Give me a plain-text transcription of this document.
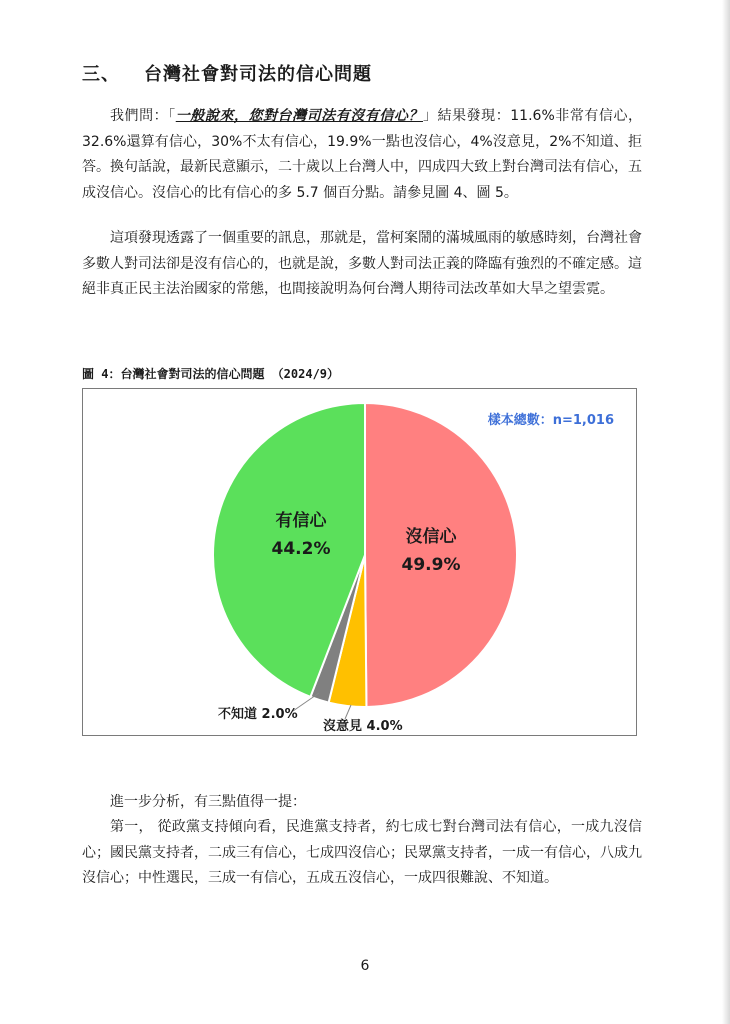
三、 台灣社會對司法的信心問題

我們問：「一般說來，您對台灣司法有沒有信心？」結果發現：11.6%非常有信心，32.6%還算有信心，30%不太有信心，19.9%一點也沒信心，4%沒意見，2%不知道、拒答。換句話說，最新民意顯示，二十歲以上台灣人中，四成四大致上對台灣司法有信心，五成沒信心。沒信心的比有信心的多 5.7 個百分點。請參見圖 4、圖 5。

這項發現透露了一個重要的訊息，那就是，當柯案鬧的滿城風雨的敏感時刻，台灣社會多數人對司法卻是沒有信心的，也就是說，多數人對司法正義的降臨有強烈的不確定感。這絕非真正民主法治國家的常態，也間接說明為何台灣人期待司法改革如大旱之望雲霓。

圖 4：台灣社會對司法的信心問題 （2024/9）
樣本總數：n=1,016
沒信心
49.9%
有信心
44.2%
不知道 2.0%
沒意見 4.0%

進一步分析，有三點值得一提：

第一， 從政黨支持傾向看，民進黨支持者，約七成七對台灣司法有信心，一成九沒信心；國民黨支持者，二成三有信心，七成四沒信心；民眾黨支持者，一成一有信心，八成九沒信心；中性選民，三成一有信心，五成五沒信心，一成四很難說、不知道。

6
